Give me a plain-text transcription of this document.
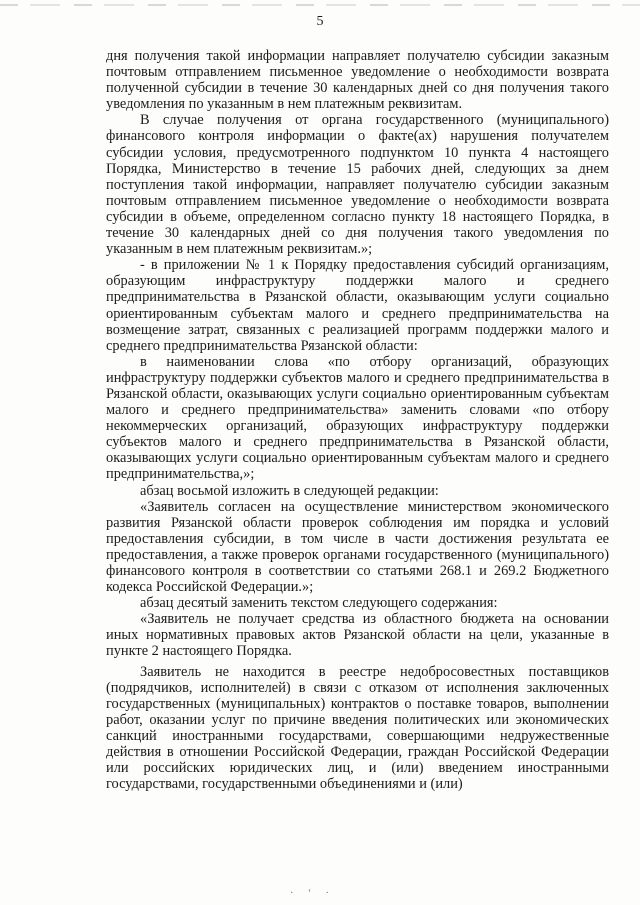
5

дня получения такой информации направляет получателю субсидии заказным почтовым отправлением письменное уведомление о необходимости возврата полученной субсидии в течение 30 календарных дней со дня получения такого уведомления по указанным в нем платежным реквизитам.

В случае получения от органа государственного (муниципального) финансового контроля информации о факте(ах) нарушения получателем субсидии условия, предусмотренного подпунктом 10 пункта 4 настоящего Порядка, Министерство в течение 15 рабочих дней, следующих за днем поступления такой информации, направляет получателю субсидии заказным почтовым отправлением письменное уведомление о необходимости возврата субсидии в объеме, определенном согласно пункту 18 настоящего Порядка, в течение 30 календарных дней со дня получения такого уведомления по указанным в нем платежным реквизитам.»;

- в приложении № 1 к Порядку предоставления субсидий организациям, образующим инфраструктуру поддержки малого и среднего предпринимательства в Рязанской области, оказывающим услуги социально ориентированным субъектам малого и среднего предпринимательства на возмещение затрат, связанных с реализацией программ поддержки малого и среднего предпринимательства Рязанской области:

в наименовании слова «по отбору организаций, образующих инфраструктуру поддержки субъектов малого и среднего предпринимательства в Рязанской области, оказывающих услуги социально ориентированным субъектам малого и среднего предпринимательства» заменить словами «по отбору некоммерческих организаций, образующих инфраструктуру поддержки субъектов малого и среднего предпринимательства в Рязанской области, оказывающих услуги социально ориентированным субъектам малого и среднего предпринимательства,»;

абзац восьмой изложить в следующей редакции:

«Заявитель согласен на осуществление министерством экономического развития Рязанской области проверок соблюдения им порядка и условий предоставления субсидии, в том числе в части достижения результата ее предоставления, а также проверок органами государственного (муниципального) финансового контроля в соответствии со статьями 268.1 и 269.2 Бюджетного кодекса Российской Федерации.»;

абзац десятый заменить текстом следующего содержания:

«Заявитель не получает средства из областного бюджета на основании иных нормативных правовых актов Рязанской области на цели, указанные в пункте 2 настоящего Порядка.

Заявитель не находится в реестре недобросовестных поставщиков (подрядчиков, исполнителей) в связи с отказом от исполнения заключенных государственных (муниципальных) контрактов о поставке товаров, выполнении работ, оказании услуг по причине введения политических или экономических санкций иностранными государствами, совершающими недружественные действия в отношении Российской Федерации, граждан Российской Федерации или российских юридических лиц, и (или) введением иностранными государствами, государственными объединениями и (или)

· ‘ ·
